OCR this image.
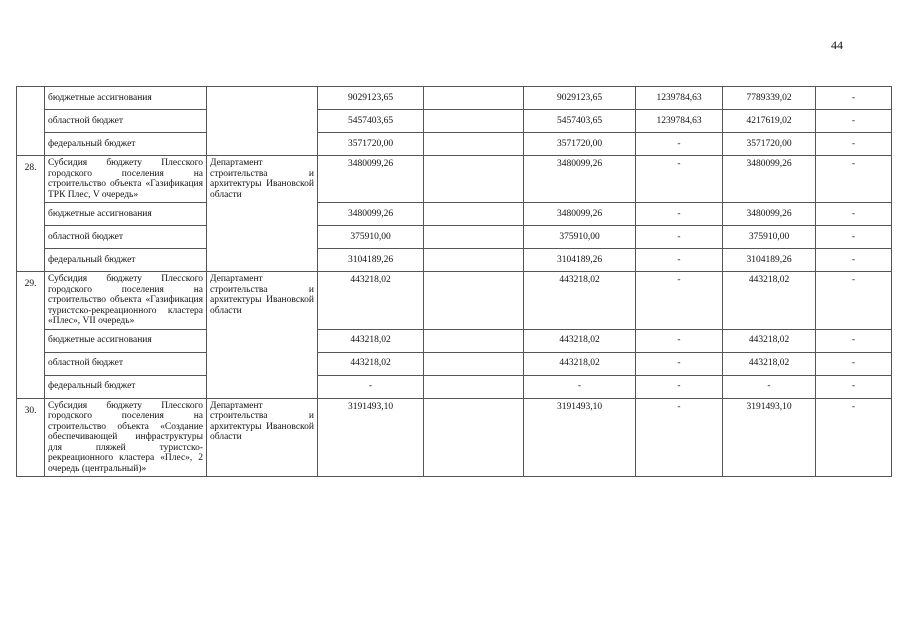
44
	бюджетные ассигнования		9029123,65		9029123,65	1239784,63	7789339,02	-
	областной бюджет		5457403,65		5457403,65	1239784,63	4217619,02	-
	федеральный бюджет		3571720,00		3571720,00	-	3571720,00	-
28.	Субсидия бюджету Плесского городского поселения на строительство объекта «Газификация ТРК Плес, V очередь»	Департамент строительства и архитектуры Ивановской области	3480099,26		3480099,26	-	3480099,26	-
	бюджетные ассигнования		3480099,26		3480099,26	-	3480099,26	-
	областной бюджет		375910,00		375910,00	-	375910,00	-
	федеральный бюджет		3104189,26		3104189,26	-	3104189,26	-
29.	Субсидия бюджету Плесского городского поселения на строительство объекта «Газификация туристско-рекреационного кластера «Плес», VII очередь»	Департамент строительства и архитектуры Ивановской области	443218,02		443218,02	-	443218,02	-
	бюджетные ассигнования		443218,02		443218,02	-	443218,02	-
	областной бюджет		443218,02		443218,02	-	443218,02	-
	федеральный бюджет		-		-	-	-	-
30.	Субсидия бюджету Плесского городского поселения на строительство объекта «Создание обеспечивающей инфраструктуры для пляжей туристско-рекреационного кластера «Плес», 2 очередь (центральный)»	Департамент строительства и архитектуры Ивановской области	3191493,10		3191493,10	-	3191493,10	-
